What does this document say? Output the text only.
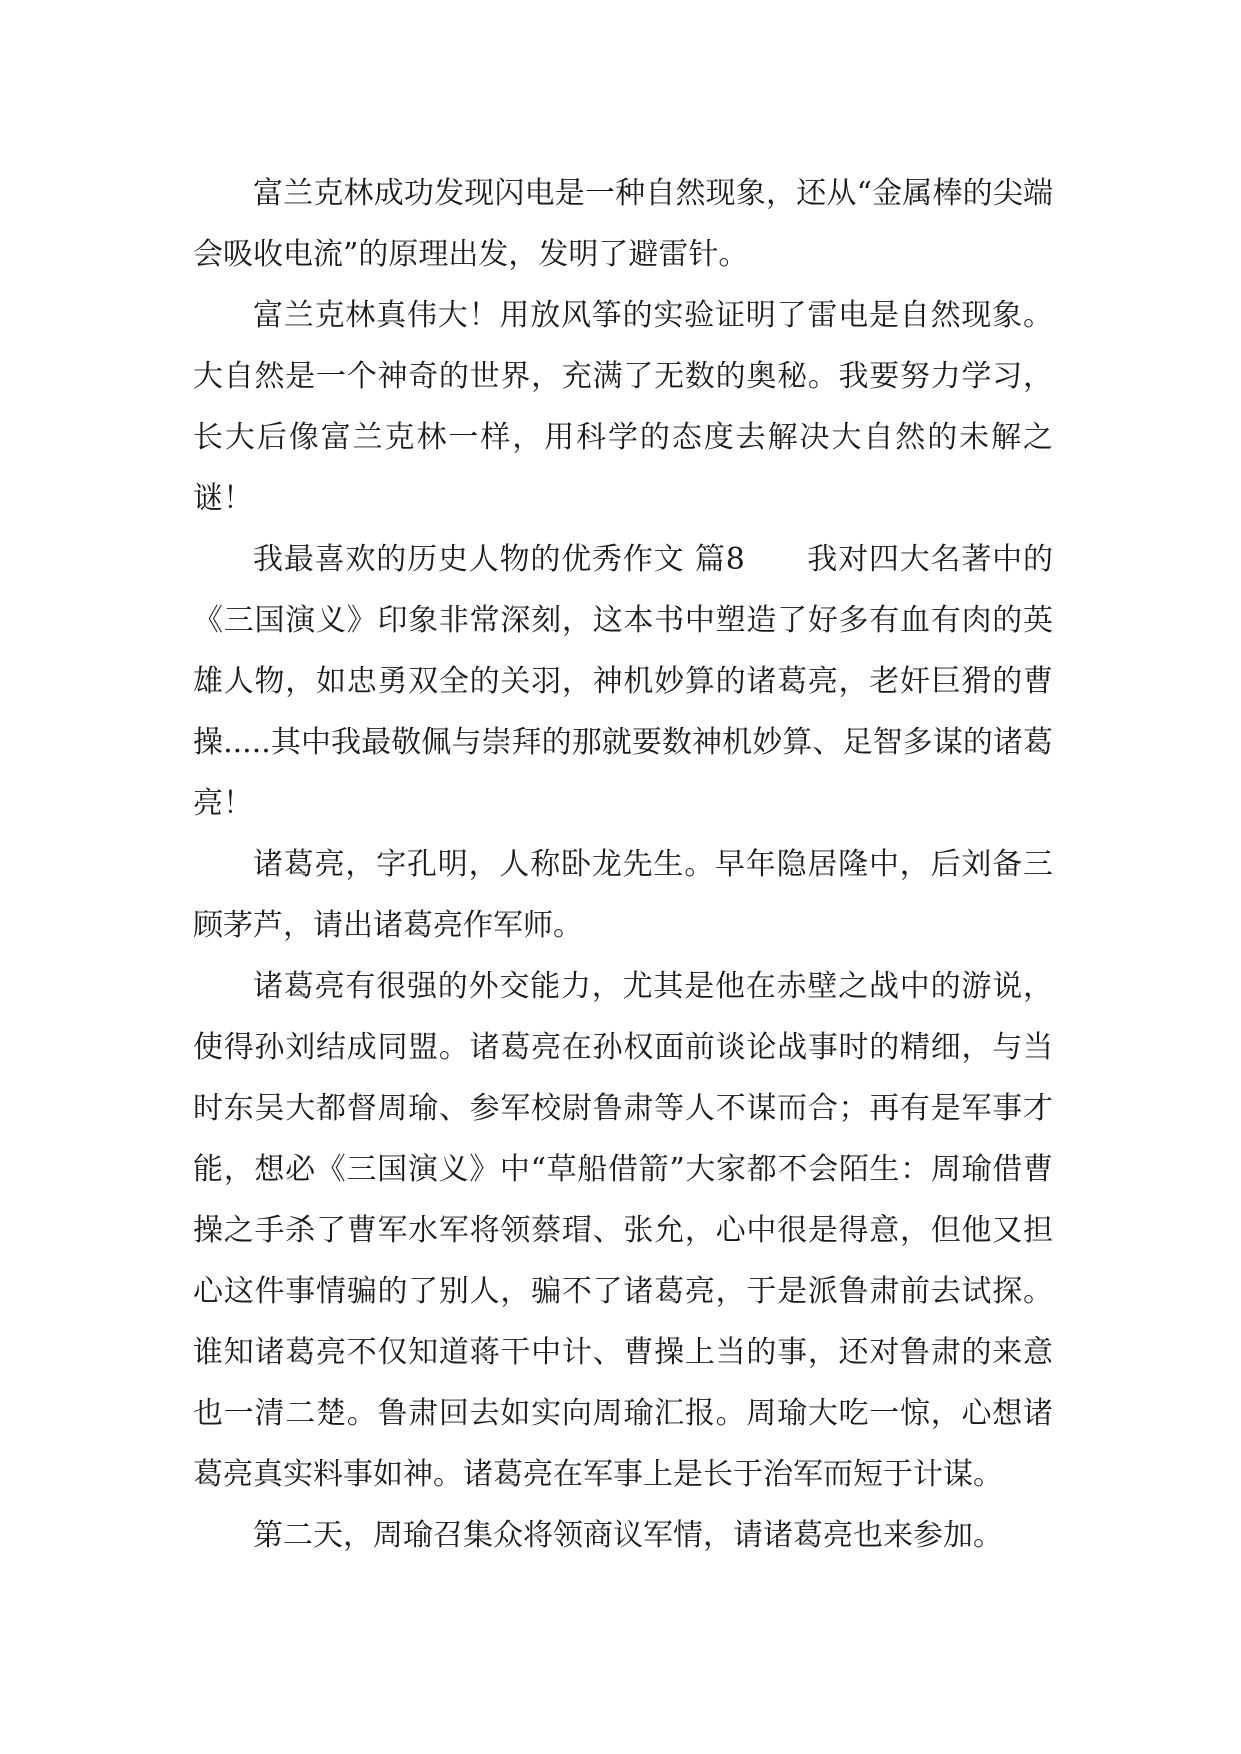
富兰克林成功发现闪电是一种自然现象，还从“金属棒的尖端会吸收电流”的原理出发，发明了避雷针。

富兰克林真伟大！用放风筝的实验证明了雷电是自然现象。大自然是一个神奇的世界，充满了无数的奥秘。我要努力学习，长大后像富兰克林一样，用科学的态度去解决大自然的未解之谜！

我最喜欢的历史人物的优秀作文 篇8　　我对四大名著中的《三国演义》印象非常深刻，这本书中塑造了好多有血有肉的英雄人物，如忠勇双全的关羽，神机妙算的诸葛亮，老奸巨猾的曹操.....其中我最敬佩与崇拜的那就要数神机妙算、足智多谋的诸葛亮！

诸葛亮，字孔明，人称卧龙先生。早年隐居隆中，后刘备三顾茅芦，请出诸葛亮作军师。

诸葛亮有很强的外交能力，尤其是他在赤壁之战中的游说，使得孙刘结成同盟。诸葛亮在孙权面前谈论战事时的精细，与当时东吴大都督周瑜、参军校尉鲁肃等人不谋而合；再有是军事才能，想必《三国演义》中“草船借箭”大家都不会陌生：周瑜借曹操之手杀了曹军水军将领蔡瑁、张允，心中很是得意，但他又担心这件事情骗的了别人，骗不了诸葛亮，于是派鲁肃前去试探。谁知诸葛亮不仅知道蒋干中计、曹操上当的事，还对鲁肃的来意也一清二楚。鲁肃回去如实向周瑜汇报。周瑜大吃一惊，心想诸葛亮真实料事如神。诸葛亮在军事上是长于治军而短于计谋。

第二天，周瑜召集众将领商议军情，请诸葛亮也来参加。
